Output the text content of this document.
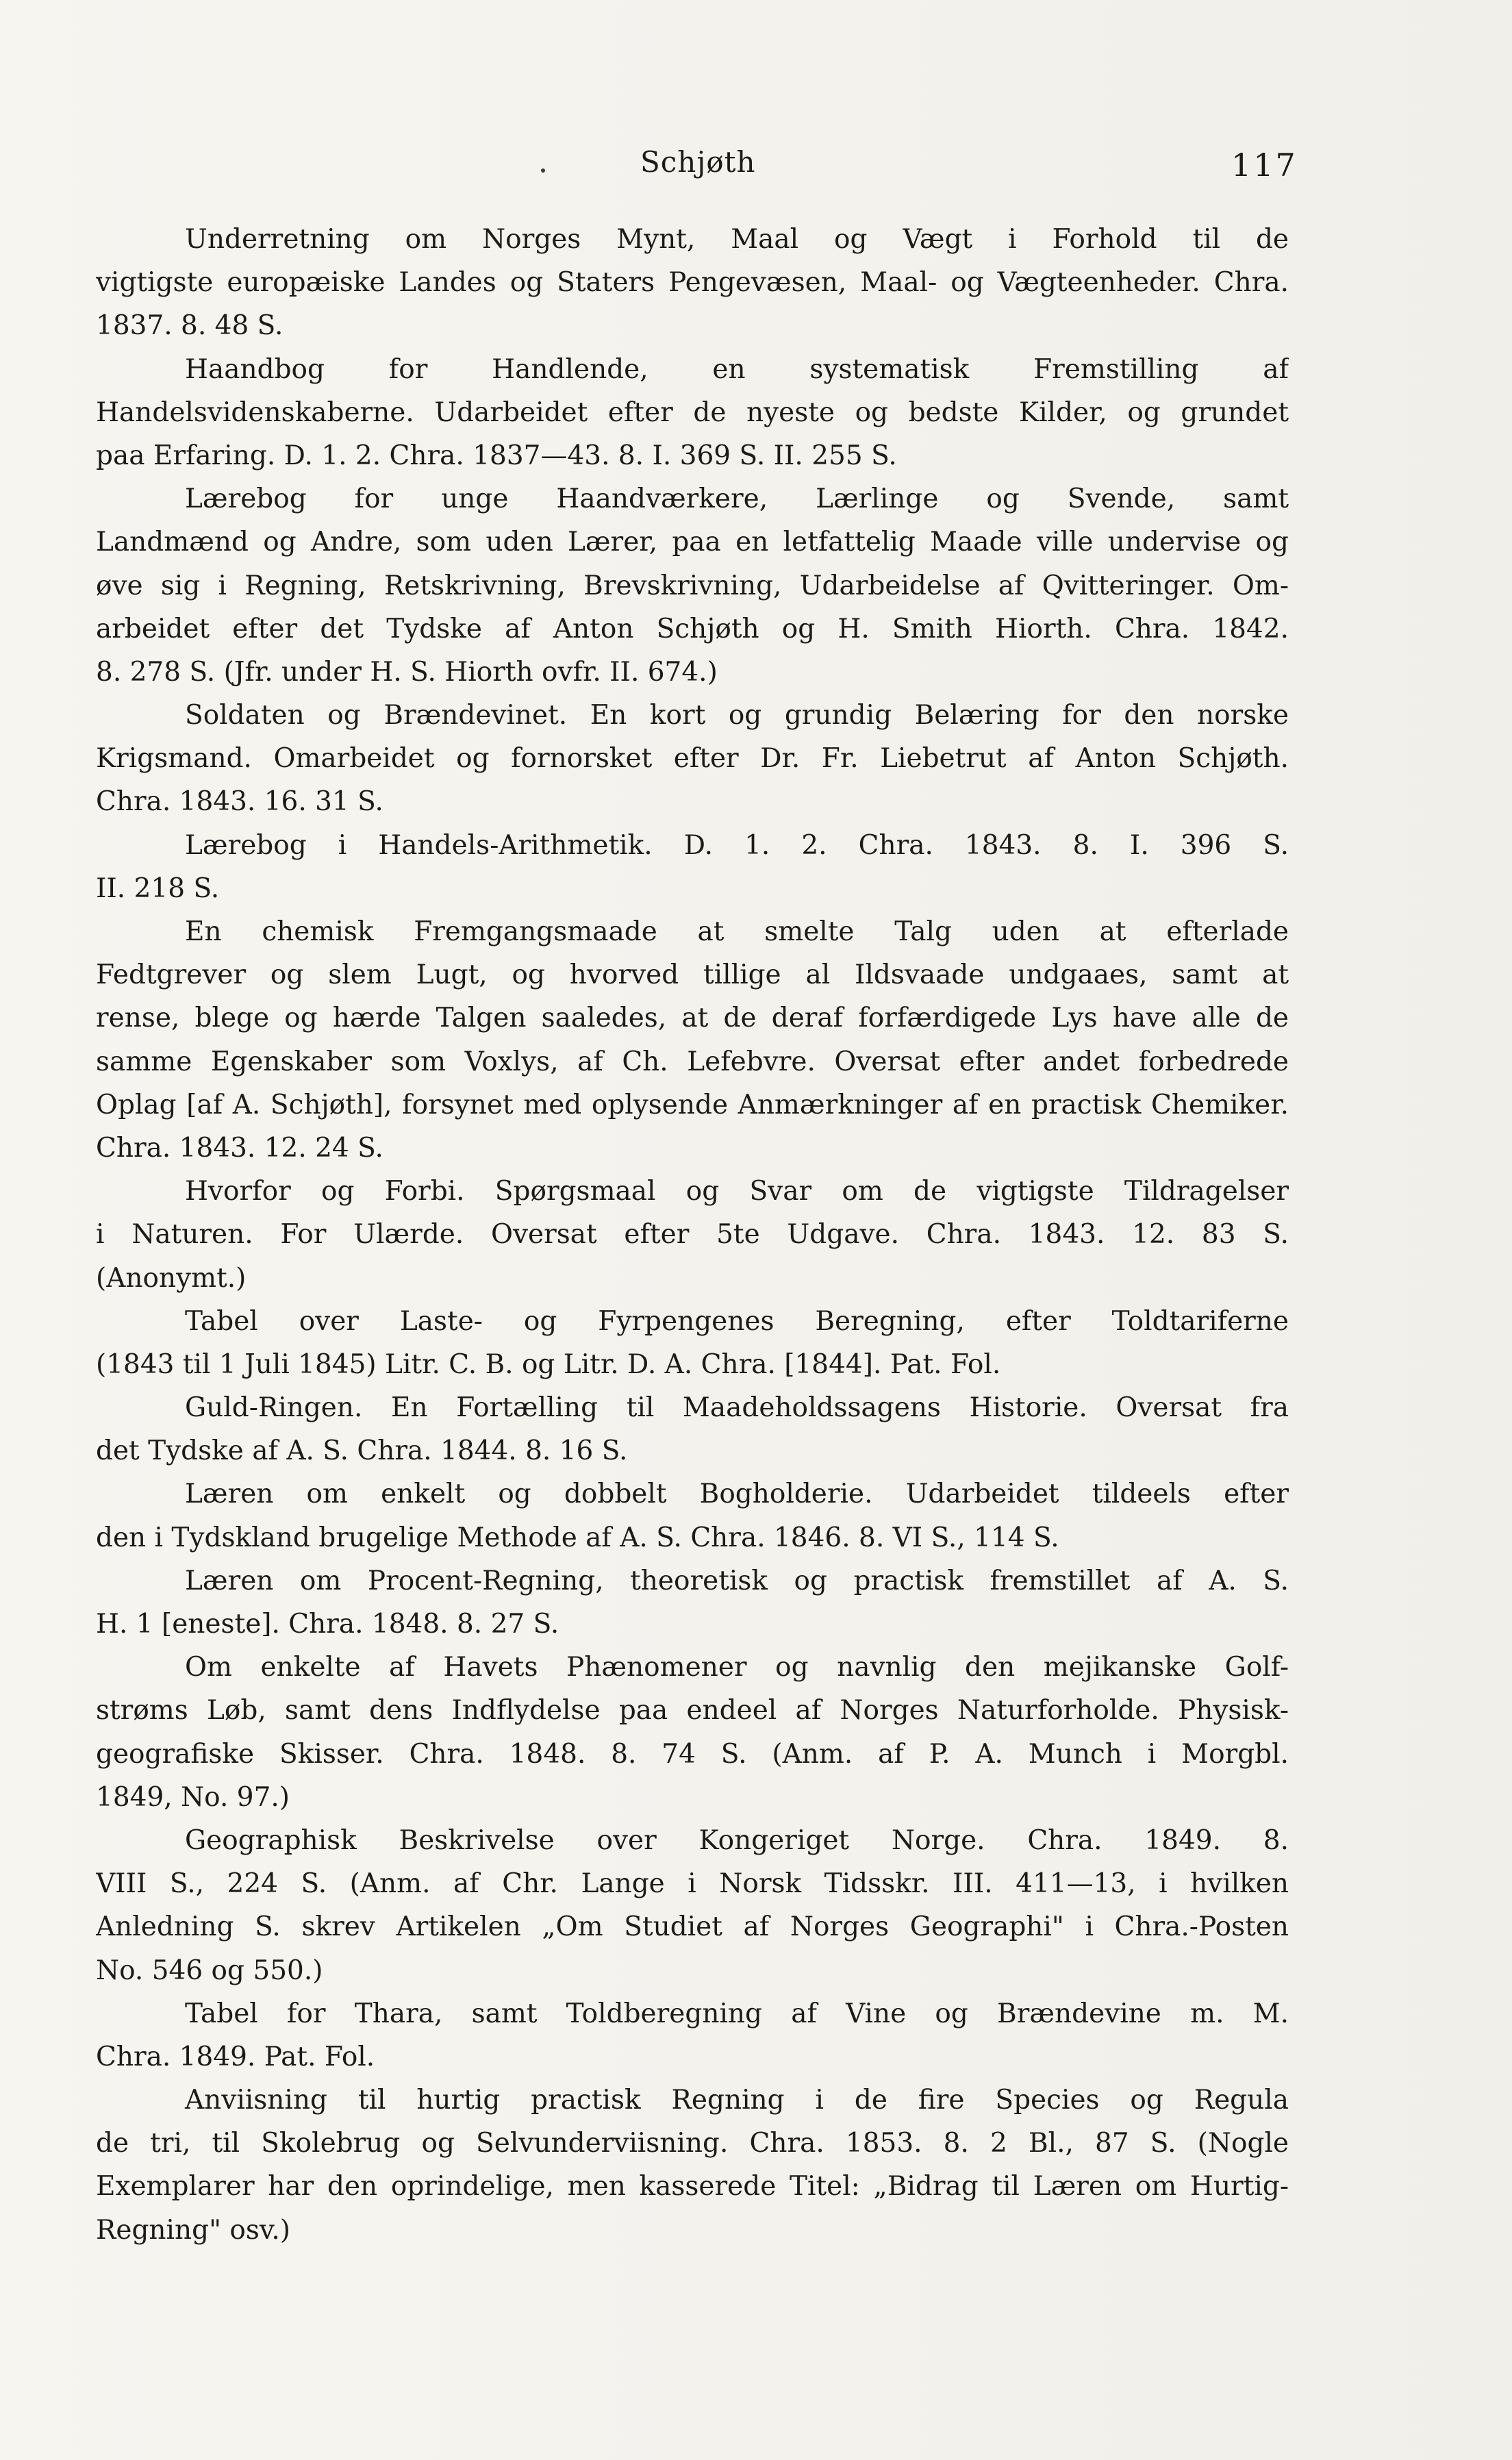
Schjøth	117
Underretning om Norges Mynt, Maal og Vægt i Forhold til de
vigtigste europæiske Landes og Staters Pengevæsen, Maal- og Vægteenheder. Chra.
1837. 8. 48 S.
Haandbog for Handlende, en systematisk Fremstilling af
Handelsvidenskaberne. Udarbeidet efter de nyeste og bedste Kilder, og grundet
paa Erfaring. D. 1. 2. Chra. 1837—43. 8. I. 369 S. II. 255 S.
Lærebog for unge Haandværkere, Lærlinge og Svende, samt
Landmænd og Andre, som uden Lærer, paa en letfattelig Maade ville undervise og
øve sig i Regning, Retskrivning, Brevskrivning, Udarbeidelse af Qvitteringer. Om-
arbeidet efter det Tydske af Anton Schjøth og H. Smith Hiorth. Chra. 1842.
8. 278 S. (Jfr. under H. S. Hiorth ovfr. II. 674.)
Soldaten og Brændevinet. En kort og grundig Belæring for den norske
Krigsmand. Omarbeidet og fornorsket efter Dr. Fr. Liebetrut af Anton Schjøth.
Chra. 1843. 16. 31 S.
Lærebog i Handels-Arithmetik. D. 1. 2. Chra. 1843. 8. I. 396 S.
II. 218 S.
En chemisk Fremgangsmaade at smelte Talg uden at efterlade
Fedtgrever og slem Lugt, og hvorved tillige al Ildsvaade undgaaes, samt at
rense, blege og hærde Talgen saaledes, at de deraf forfærdigede Lys have alle de
samme Egenskaber som Voxlys, af Ch. Lefebvre. Oversat efter andet forbedrede
Oplag [af A. Schjøth], forsynet med oplysende Anmærkninger af en practisk Chemiker.
Chra. 1843. 12. 24 S.
Hvorfor og Forbi. Spørgsmaal og Svar om de vigtigste Tildragelser
i Naturen. For Ulærde. Oversat efter 5te Udgave. Chra. 1843. 12. 83 S.
(Anonymt.)
Tabel over Laste- og Fyrpengenes Beregning, efter Toldtariferne
(1843 til 1 Juli 1845) Litr. C. B. og Litr. D. A. Chra. [1844]. Pat. Fol.
Guld-Ringen. En Fortælling til Maadeholdssagens Historie. Oversat fra
det Tydske af A. S. Chra. 1844. 8. 16 S.
Læren om enkelt og dobbelt Bogholderie. Udarbeidet tildeels efter
den i Tydskland brugelige Methode af A. S. Chra. 1846. 8. VI S., 114 S.
Læren om Procent-Regning, theoretisk og practisk fremstillet af A. S.
H. 1 [eneste]. Chra. 1848. 8. 27 S.
Om enkelte af Havets Phænomener og navnlig den mejikanske Golf-
strøms Løb, samt dens Indflydelse paa endeel af Norges Naturforholde. Physisk-
geografiske Skisser. Chra. 1848. 8. 74 S. (Anm. af P. A. Munch i Morgbl.
1849, No. 97.)
Geographisk Beskrivelse over Kongeriget Norge. Chra. 1849. 8.
VIII S., 224 S. (Anm. af Chr. Lange i Norsk Tidsskr. III. 411—13, i hvilken
Anledning S. skrev Artikelen „Om Studiet af Norges Geographi" i Chra.-Posten
No. 546 og 550.)
Tabel for Thara, samt Toldberegning af Vine og Brændevine m. M.
Chra. 1849. Pat. Fol.
Anviisning til hurtig practisk Regning i de fire Species og Regula
de tri, til Skolebrug og Selvunderviisning. Chra. 1853. 8. 2 Bl., 87 S. (Nogle
Exemplarer har den oprindelige, men kasserede Titel: „Bidrag til Læren om Hurtig-
Regning" osv.)
